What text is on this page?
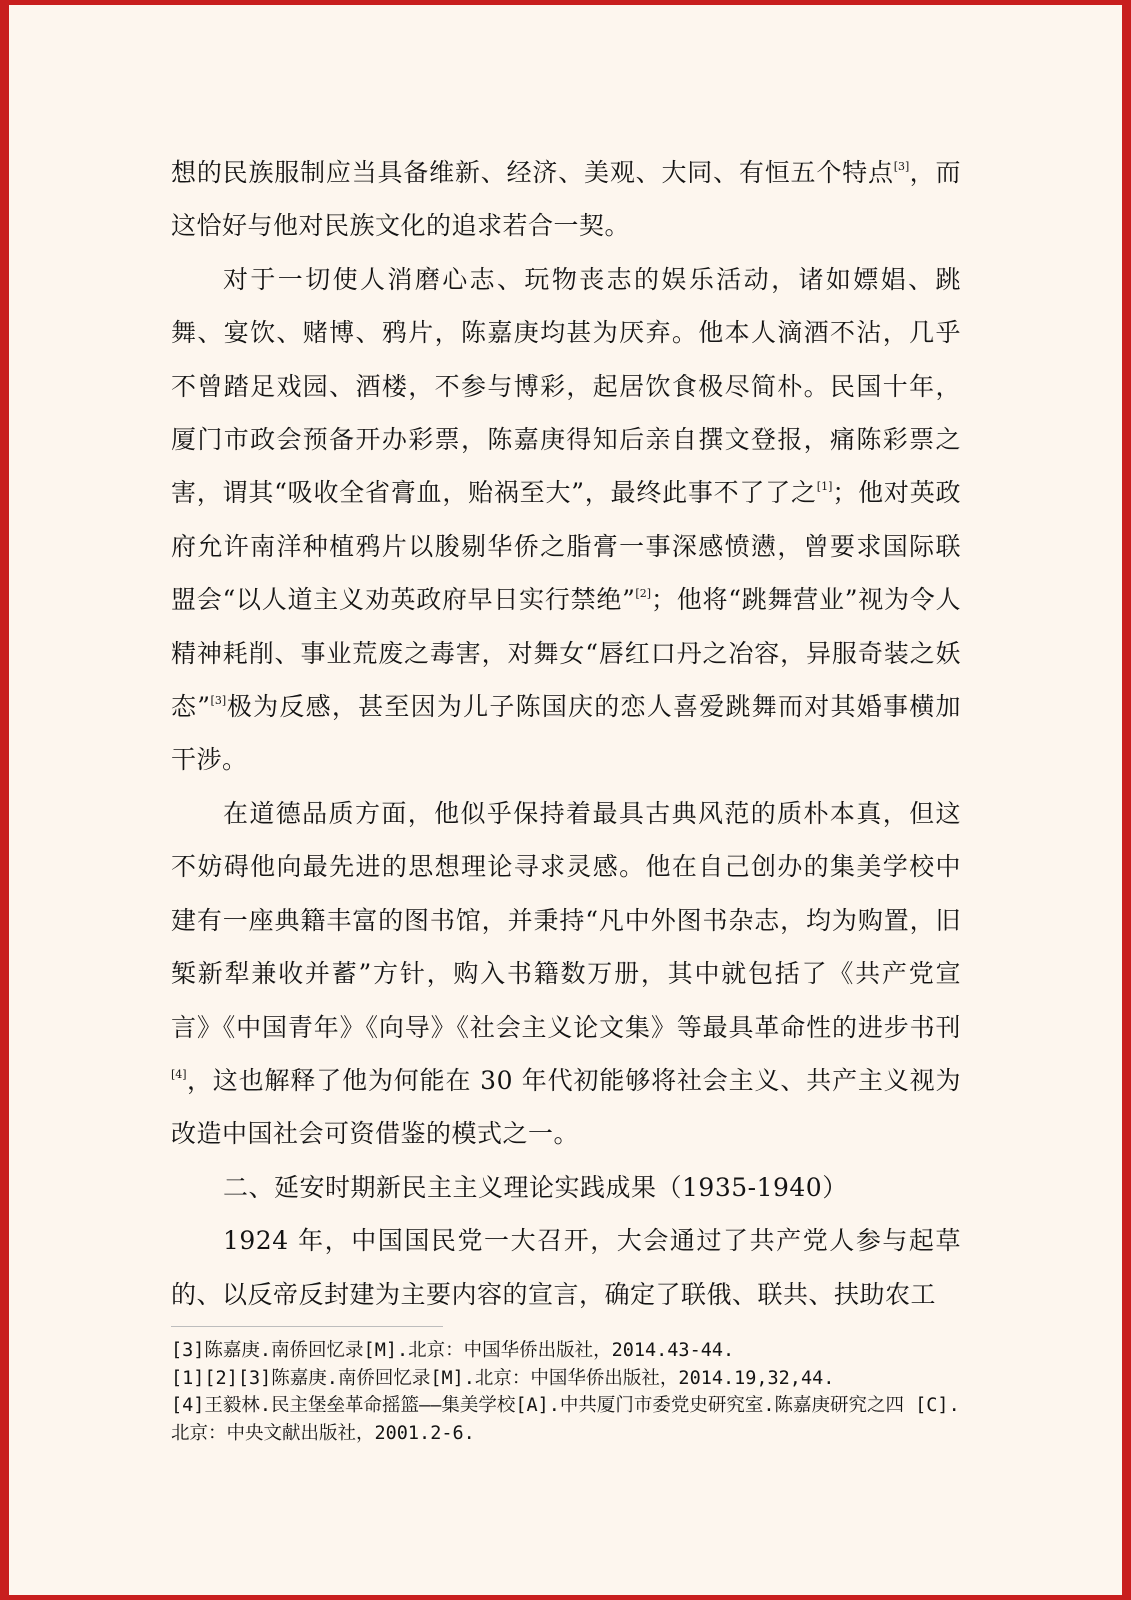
想的民族服制应当具备维新、经济、美观、大同、有恒五个特点[3]，而这恰好与他对民族文化的追求若合一契。

对于一切使人消磨心志、玩物丧志的娱乐活动，诸如嫖娼、跳舞、宴饮、赌博、鸦片，陈嘉庚均甚为厌弃。他本人滴酒不沾，几乎不曾踏足戏园、酒楼，不参与博彩，起居饮食极尽简朴。民国十年，厦门市政会预备开办彩票，陈嘉庚得知后亲自撰文登报，痛陈彩票之害，谓其“吸收全省膏血，贻祸至大”，最终此事不了了之[1]；他对英政府允许南洋种植鸦片以朘剔华侨之脂膏一事深感愤懑，曾要求国际联盟会“以人道主义劝英政府早日实行禁绝”[2]；他将“跳舞营业”视为令人精神耗削、事业荒废之毒害，对舞女“唇红口丹之冶容，异服奇装之妖态”[3]极为反感，甚至因为儿子陈国庆的恋人喜爱跳舞而对其婚事横加干涉。

在道德品质方面，他似乎保持着最具古典风范的质朴本真，但这不妨碍他向最先进的思想理论寻求灵感。他在自己创办的集美学校中建有一座典籍丰富的图书馆，并秉持“凡中外图书杂志，均为购置，旧椠新犁兼收并蓄”方针，购入书籍数万册，其中就包括了《共产党宣言》《中国青年》《向导》《社会主义论文集》等最具革命性的进步书刊[4]，这也解释了他为何能在 30 年代初能够将社会主义、共产主义视为改造中国社会可资借鉴的模式之一。

二、延安时期新民主主义理论实践成果（1935-1940）

1924 年，中国国民党一大召开，大会通过了共产党人参与起草的、以反帝反封建为主要内容的宣言，确定了联俄、联共、扶助农工

[3]陈嘉庚.南侨回忆录[M].北京：中国华侨出版社，2014.43-44.

[1][2][3]陈嘉庚.南侨回忆录[M].北京：中国华侨出版社，2014.19,32,44.

[4]王毅林.民主堡垒革命摇篮——集美学校[A].中共厦门市委党史研究室.陈嘉庚研究之四 [C].北京：中央文献出版社，2001.2-6.
